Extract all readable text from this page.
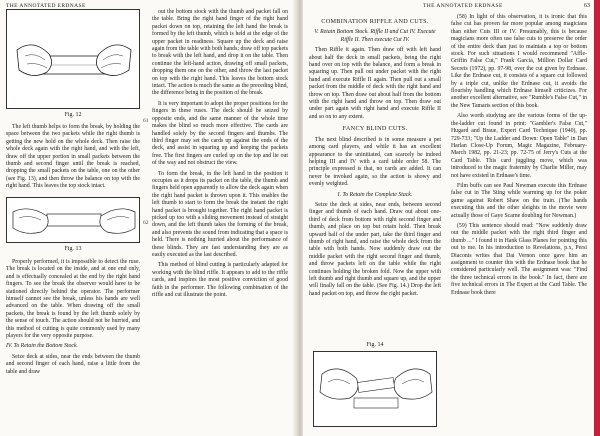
THE ANNOTATED ERDNASE
Fig. 12

The left thumb helps to form the break, by holding the space between the two packets while the right thumb is getting the new hold on the whole deck. Then raise the whole deck again with the right hand, and with the left, draw off the upper portion in small packets between the thumb and second finger until the break is reached, dropping the small packets on the table, one on the other (see Fig. 13), and then throw the balance on top with the right hand. This leaves the top stock intact.

Fig. 13

Properly performed, it is impossible to detect the ruse. The break is located on the inside, and at one end only, and is effectually concealed at the end by the right hand fingers. To see the break the observer would have to be stationed directly behind the operator. The performer himself cannot see the break, unless his hands are well advanced on the table. When drawing off the small packets, the break is found by the left thumb solely by the sense of touch. The action should not be hurried, and this method of cutting is quite commonly used by many players for the very opposite purpose.

IV. To Retain the Bottom Stock.

Seize deck at sides, near the ends between the thumb and second finger of each hand, raise a little from the table and draw

61

out the bottom stock with the thumb and packet fall on the table. Bring the right hand finger of the right hand packet down on top, retaining the left hand the break is formed by the left thumb, which is held at the edge of the upper packet in readiness. Square up the deck and raise again from the table with both hands; draw off top packets to break with the left hand, and drop it on the table. Then continue the left-hand action, drawing off small packets, dropping them one on the other, and throw the last packet on top with the right hand. This leaves the bottom stock intact. The action is much the same as the preceding blind, the difference being in the position of the break.

It is very important to adopt the proper positions for the fingers in these ruses. The deck should be seized by opposite ends, and the same manner of the whole time makes the blind so much more effective. The cards are handled solely by the second fingers and thumbs. The third finger may set the cards up against the ends of the deck, and assist in squaring up and keeping the packets free. The first fingers are curled up on the top and lie out of the way and not obstruct the view.

To form the break, in the left hand in the position it occupies as it drops its packet on the table, the thumb and fingers held open apparently to allow the deck again when the right hand packet is thrown upon it. This enables the left thumb to start to form the break the instant the right hand packet is brought together. The right hand packet is picked up too with a sliding movement instead of straight down, and the left thumb takes the forming of the break, and also prevents the sound from indicating that a space is held. There is nothing hurried about the performance of these blinds. They are fast understanding they are as easily executed as the last described.

This method of blind cutting is particularly adapted for working with the blind riffle. It appears to add to the riffle cards, and inspires the most positive conviction of good faith in the performer. The following combination of the riffle and cut illustrate the point.

62
THE ANNOTATED ERDNASE	63
COMBINATION RIFFLE AND CUTS.
V. Retain Bottom Stock. Riffle II and Cut IV. Execute Riffle II. Then execute Cut IV.

Then Riffle it again. Then draw off with left hand about half the deck in small packets, being the right hand over on top with the balance, and form a break in squaring up. Then pull out under packet with the right hand and execute Riffle II again. Then pull out a small packet from the middle of deck with the right hand and throw on top. Then draw out about half from the bottom with the right hand and throw on top. Then draw out under part again with right hand and execute Riffle II and so on to any extent.

FANCY BLIND CUTS.

The next blind described is in some measure a pet among card players, and while it has an excellent appearance to the uninitiated, can scarcely be indeed helping III and IV with a card table order 58. The principle expressed is that, no cards are added. It can never be invoked again, so the action is showy and evenly weighted.

I. To Retain the Complete Stack.

Seize the deck at sides, near ends, between second finger and thumb of each hand. Draw out about one-third of deck from bottom with right second finger and thumb, and place on top but retain hold. Then break upward half of the under part, take the third finger and thumb of right hand, and raise the whole deck from the table with both hands. Now suddenly draw out the middle packet with the right second finger and thumb, and throw packets left on the table while the right continues holding the broken fold. Now the upper with left thumb and right thumb and square up, and the upper will finally fall on the table. (See Fig. 14.) Drop the left hand packet on top, and throw the right packet.

Fig. 14

(58) In light of this observation, it is ironic that this false cut has proven far more popular among magicians than either Cuts III or IV. Presumably, this is because magicians more often use false cuts to preserve the order of the entire deck than just to maintain a top or bottom stock. For such situations I would recommend "Affle-Griffin False Cut," Frank Garcia, Million Dollar Card Secrets (1972), pp. 97-98, over the cut given by Erdnase. Like the Erdnase cut, it consists of a square cut followed by a triple cut, unlike the Erdnase cut, it avoids the flourishy handling which Erdnase himself criticizes. For another excellent alternative, see "Rumble's False Cut," in the New Tamaris section of this book.

Also worth studying are the various forms of the up-the-ladder cut found in print: "Gambler's False Cut," Hugard and Braue, Expert Card Technique (1940), pp. 729-733; "Up the Ladder and Down: Open Table" in Dan Harlan Close-Up Forum, Magic Magazine, February-March 1982, pp. 21-23; pp. 72-75 of Jerry's Cuts at the Card Table. This card juggling move, which was introduced to the magic fraternity by Charlie Miller, may not have existed in Erdnase's time.

Film buffs can see Paul Newman execute this Erdnase false cut in The Sting while warming up for the poker game against Robert Shaw on the train. (The hands executing this and the other sleights in the movie were actually those of Gaye Scarne doubling for Newman.)

(59) This sentence should read: "Now suddenly draw out the middle packet with the right third finger and thumb ..." I found it in Hank Glass Planes for pointing this out to me. In his introduction to Revelations, p.x, Persi Diaconis writes that Dai Vernon once gave him an assignment to counter this with the Erdnase book that he considered particularly well. The assignment was: "Find the three technical errors in the book." In fact, there are five technical errors in The Expert at the Card Table. The Erdnase book there
